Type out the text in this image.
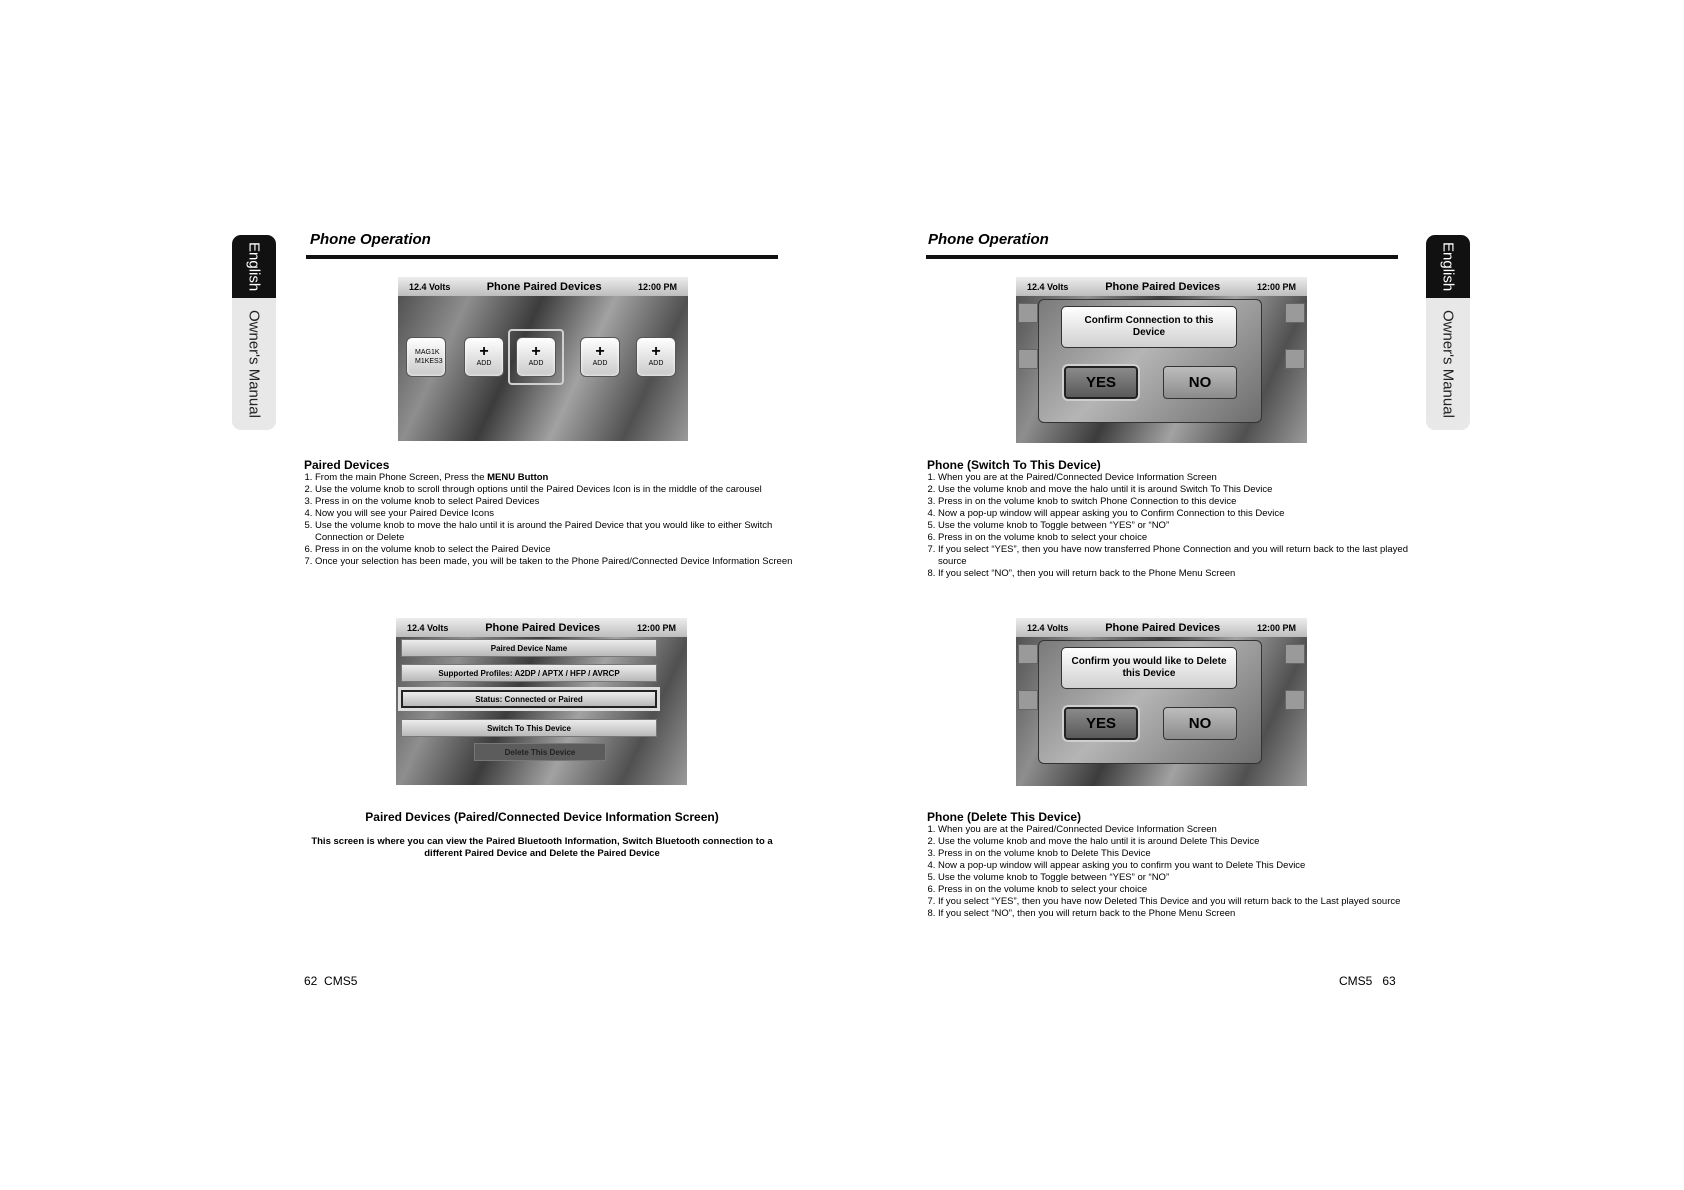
English
Owner's Manual
English
Owner's Manual
Phone Operation
12.4 Volts	Phone Paired Devices	12:00 PM
MAG1K M1KES3
+
ADD
+
ADD
+
ADD
+
ADD
Paired Devices
1. From the main Phone Screen, Press the MENU Button
2. Use the volume knob to scroll through options until the Paired Devices Icon is in the middle of the carousel
3. Press in on the volume knob to select Paired Devices
4. Now you will see your Paired Device Icons
5. Use the volume knob to move the halo until it is around the Paired Device that you would like to either Switch Connection or Delete
6. Press in on the volume knob to select the Paired Device
7. Once your selection has been made, you will be taken to the Phone Paired/Connected Device Information Screen
12.4 Volts	Phone Paired Devices	12:00 PM
Paired Device Name
Supported Profiles: A2DP / APTX / HFP / AVRCP
Status: Connected or Paired
Switch To This Device
Delete This Device
Paired Devices (Paired/Connected Device Information Screen)
This screen is where you can view the Paired Bluetooth Information, Switch Bluetooth connection to a different Paired Device and Delete the Paired Device
62 CMS5
Phone Operation
12.4 Volts	Phone Paired Devices	12:00 PM
Confirm Connection to this Device
YES	NO
Phone (Switch To This Device)
1. When you are at the Paired/Connected Device Information Screen
2. Use the volume knob and move the halo until it is around Switch To This Device
3. Press in on the volume knob to switch Phone Connection to this device
4. Now a pop-up window will appear asking you to Confirm Connection to this Device
5. Use the volume knob to Toggle between “YES” or “NO”
6. Press in on the volume knob to select your choice
7. If you select “YES”, then you have now transferred Phone Connection and you will return back to the last played source
8. If you select “NO”, then you will return back to the Phone Menu Screen
12.4 Volts	Phone Paired Devices	12:00 PM
Confirm you would like to Delete this Device
YES	NO
Phone (Delete This Device)
1. When you are at the Paired/Connected Device Information Screen
2. Use the volume knob and move the halo until it is around Delete This Device
3. Press in on the volume knob to Delete This Device
4. Now a pop-up window will appear asking you to confirm you want to Delete This Device
5. Use the volume knob to Toggle between “YES” or “NO”
6. Press in on the volume knob to select your choice
7. If you select “YES”, then you have now Deleted This Device and you will return back to the Last played source
8. If you select “NO”, then you will return back to the Phone Menu Screen
CMS5 63
